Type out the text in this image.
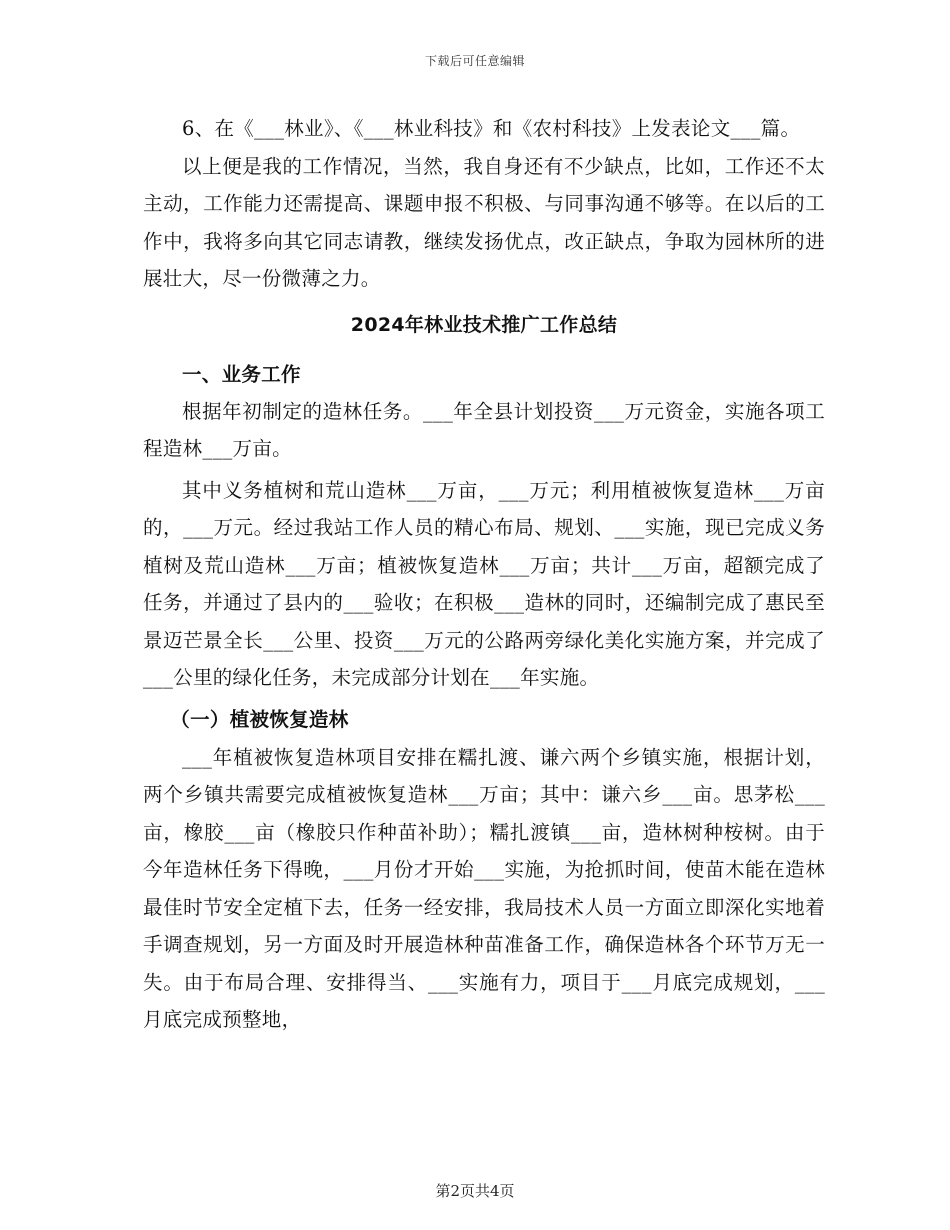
下载后可任意编辑

6、在《___林业》、《___林业科技》和《农村科技》上发表论文___篇。

以上便是我的工作情况，当然，我自身还有不少缺点，比如，工作还不太主动，工作能力还需提高、课题申报不积极、与同事沟通不够等。在以后的工作中，我将多向其它同志请教，继续发扬优点，改正缺点，争取为园林所的进展壮大，尽一份微薄之力。

2024年林业技术推广工作总结
一、业务工作

根据年初制定的造林任务。___年全县计划投资___万元资金，实施各项工程造林___万亩。

其中义务植树和荒山造林___万亩，___万元；利用植被恢复造林___万亩的，___万元。经过我站工作人员的精心布局、规划、___实施，现已完成义务植树及荒山造林___万亩；植被恢复造林___万亩；共计___万亩，超额完成了任务，并通过了县内的___验收；在积极___造林的同时，还编制完成了惠民至景迈芒景全长___公里、投资___万元的公路两旁绿化美化实施方案，并完成了___公里的绿化任务，未完成部分计划在___年实施。

（一）植被恢复造林

___年植被恢复造林项目安排在糯扎渡、谦六两个乡镇实施，根据计划，两个乡镇共需要完成植被恢复造林___万亩；其中：谦六乡___亩。思茅松___亩，橡胶___亩（橡胶只作种苗补助）；糯扎渡镇___亩，造林树种桉树。由于今年造林任务下得晚，___月份才开始___实施，为抢抓时间，使苗木能在造林最佳时节安全定植下去，任务一经安排，我局技术人员一方面立即深化实地着手调查规划，另一方面及时开展造林种苗准备工作，确保造林各个环节万无一失。由于布局合理、安排得当、___实施有力，项目于___月底完成规划，___月底完成预整地，

第2页共4页
